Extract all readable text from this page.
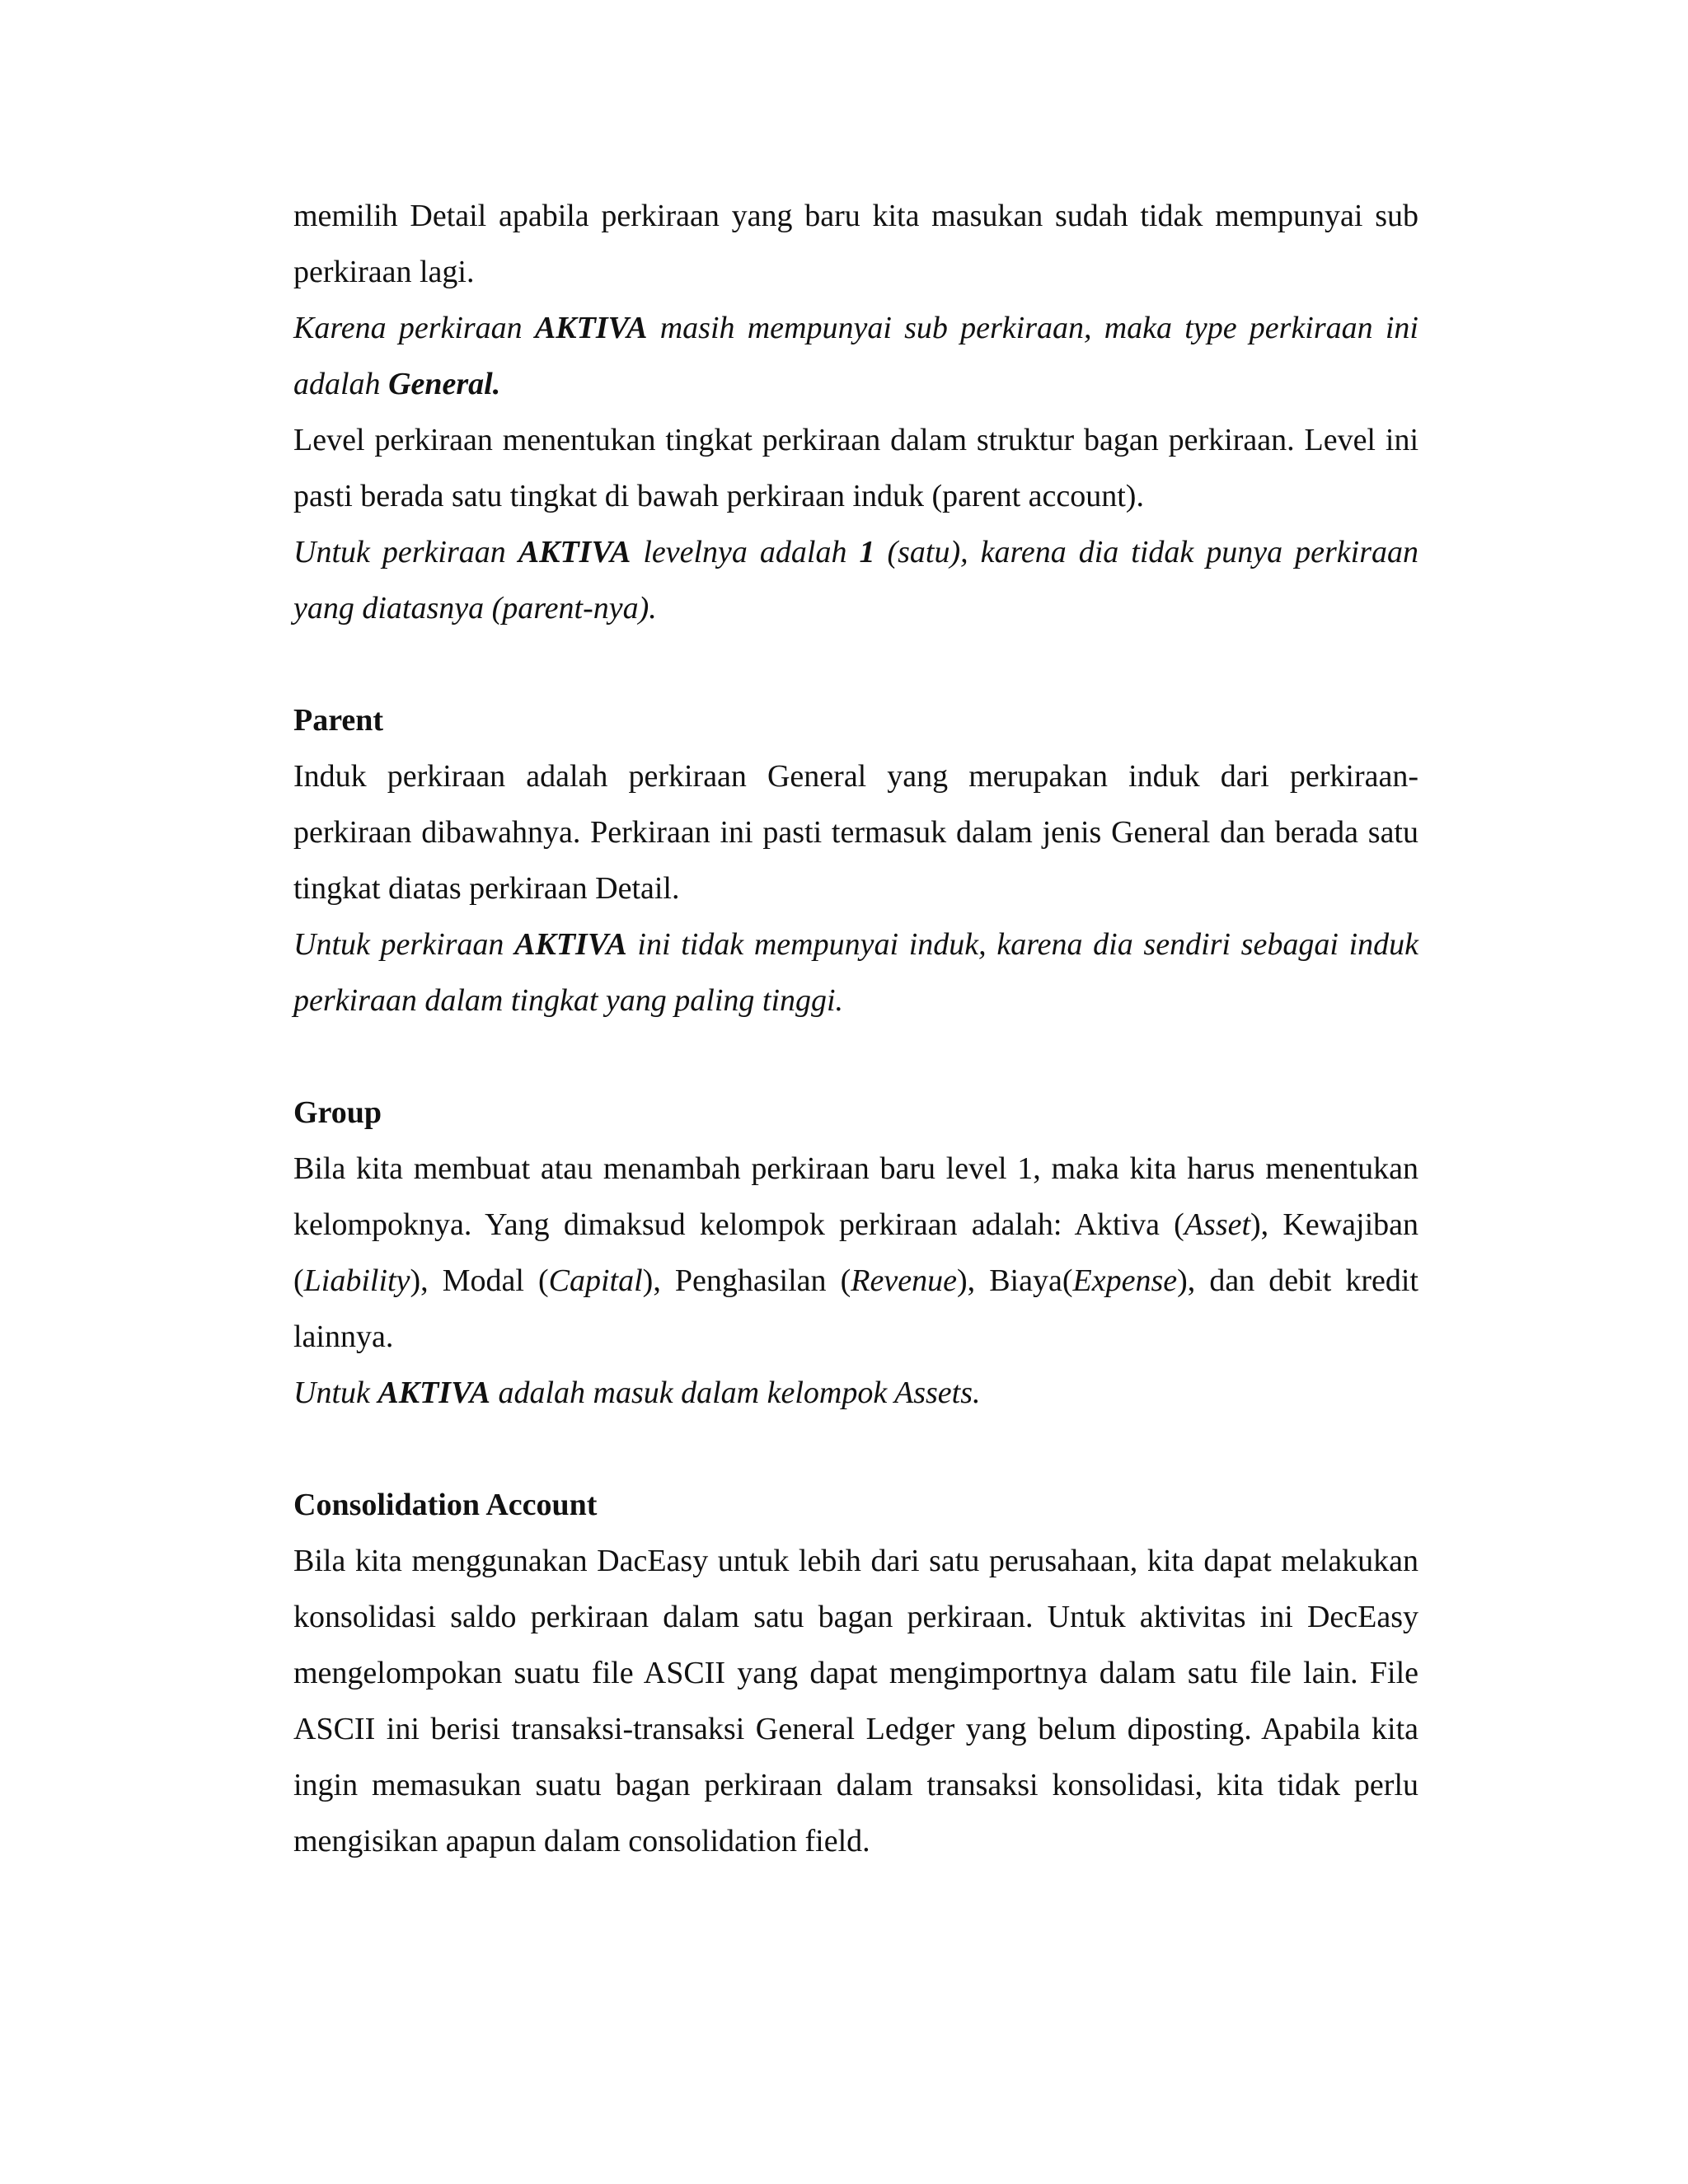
memilih Detail apabila perkiraan yang baru kita masukan sudah tidak mempunyai sub perkiraan lagi.

Karena perkiraan AKTIVA masih mempunyai sub perkiraan, maka type perkiraan ini adalah General.

Level perkiraan menentukan tingkat perkiraan dalam struktur bagan perkiraan. Level ini pasti berada satu tingkat di bawah perkiraan induk (parent account).

Untuk perkiraan AKTIVA levelnya adalah 1 (satu), karena dia tidak punya perkiraan yang diatasnya (parent-nya).

Parent

Induk perkiraan adalah perkiraan General yang merupakan induk dari perkiraan-perkiraan dibawahnya. Perkiraan ini pasti termasuk dalam jenis General dan berada satu tingkat diatas perkiraan Detail.

Untuk perkiraan AKTIVA ini tidak mempunyai induk, karena dia sendiri sebagai induk perkiraan dalam tingkat yang paling tinggi.

Group

Bila kita membuat atau menambah perkiraan baru level 1, maka kita harus menentukan kelompoknya. Yang dimaksud kelompok perkiraan adalah: Aktiva (Asset), Kewajiban (Liability), Modal (Capital), Penghasilan (Revenue), Biaya(Expense), dan debit kredit lainnya.

Untuk AKTIVA adalah masuk dalam kelompok Assets.

Consolidation Account

Bila kita menggunakan DacEasy untuk lebih dari satu perusahaan, kita dapat melakukan konsolidasi saldo perkiraan dalam satu bagan perkiraan. Untuk aktivitas ini DecEasy mengelompokan suatu file ASCII yang dapat mengimportnya dalam satu file lain. File ASCII ini berisi transaksi-transaksi General Ledger yang belum diposting. Apabila kita ingin memasukan suatu bagan perkiraan dalam transaksi konsolidasi, kita tidak perlu mengisikan apapun dalam consolidation field.
